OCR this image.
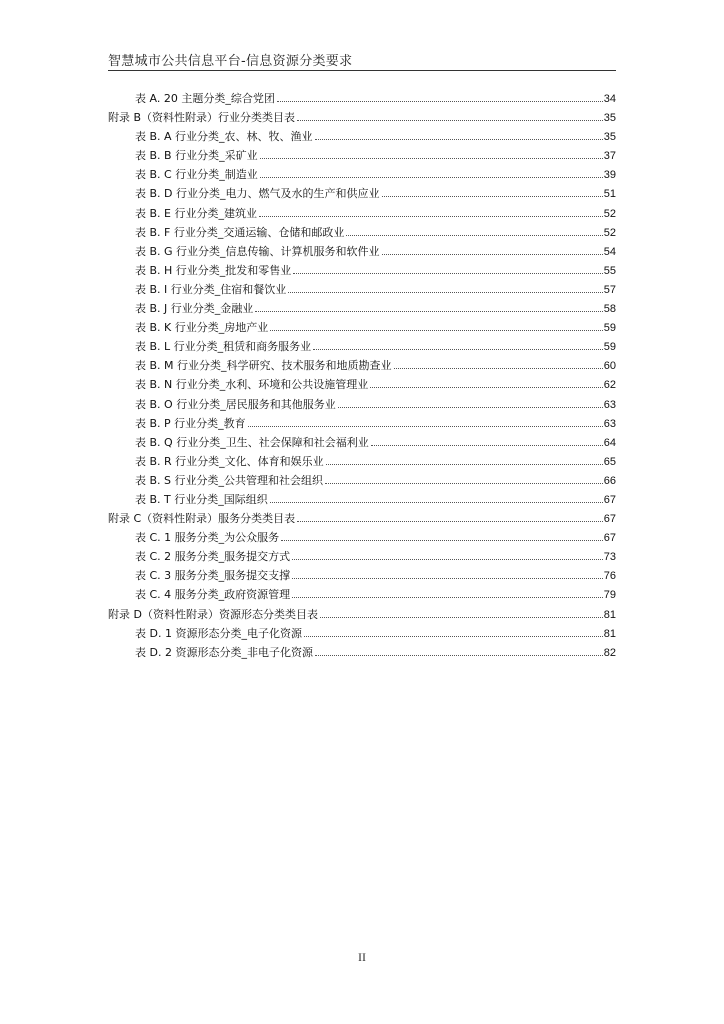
智慧城市公共信息平台-信息资源分类要求
表 A. 20 主题分类_综合党团	34
附录 B（资料性附录）行业分类类目表	35
表 B. A 行业分类_农、林、牧、渔业	35
表 B. B 行业分类_采矿业	37
表 B. C 行业分类_制造业	39
表 B. D 行业分类_电力、燃气及水的生产和供应业	51
表 B. E 行业分类_建筑业	52
表 B. F 行业分类_交通运输、仓储和邮政业	52
表 B. G 行业分类_信息传输、计算机服务和软件业	54
表 B. H 行业分类_批发和零售业	55
表 B. I 行业分类_住宿和餐饮业	57
表 B. J 行业分类_金融业	58
表 B. K 行业分类_房地产业	59
表 B. L 行业分类_租赁和商务服务业	59
表 B. M 行业分类_科学研究、技术服务和地质勘查业	60
表 B. N 行业分类_水利、环境和公共设施管理业	62
表 B. O 行业分类_居民服务和其他服务业	63
表 B. P 行业分类_教育	63
表 B. Q 行业分类_卫生、社会保障和社会福利业	64
表 B. R 行业分类_文化、体育和娱乐业	65
表 B. S 行业分类_公共管理和社会组织	66
表 B. T 行业分类_国际组织	67
附录 C（资料性附录）服务分类类目表	67
表 C. 1 服务分类_为公众服务	67
表 C. 2 服务分类_服务提交方式	73
表 C. 3 服务分类_服务提交支撑	76
表 C. 4 服务分类_政府资源管理	79
附录 D（资料性附录）资源形态分类类目表	81
表 D. 1 资源形态分类_电子化资源	81
表 D. 2 资源形态分类_非电子化资源	82
II
